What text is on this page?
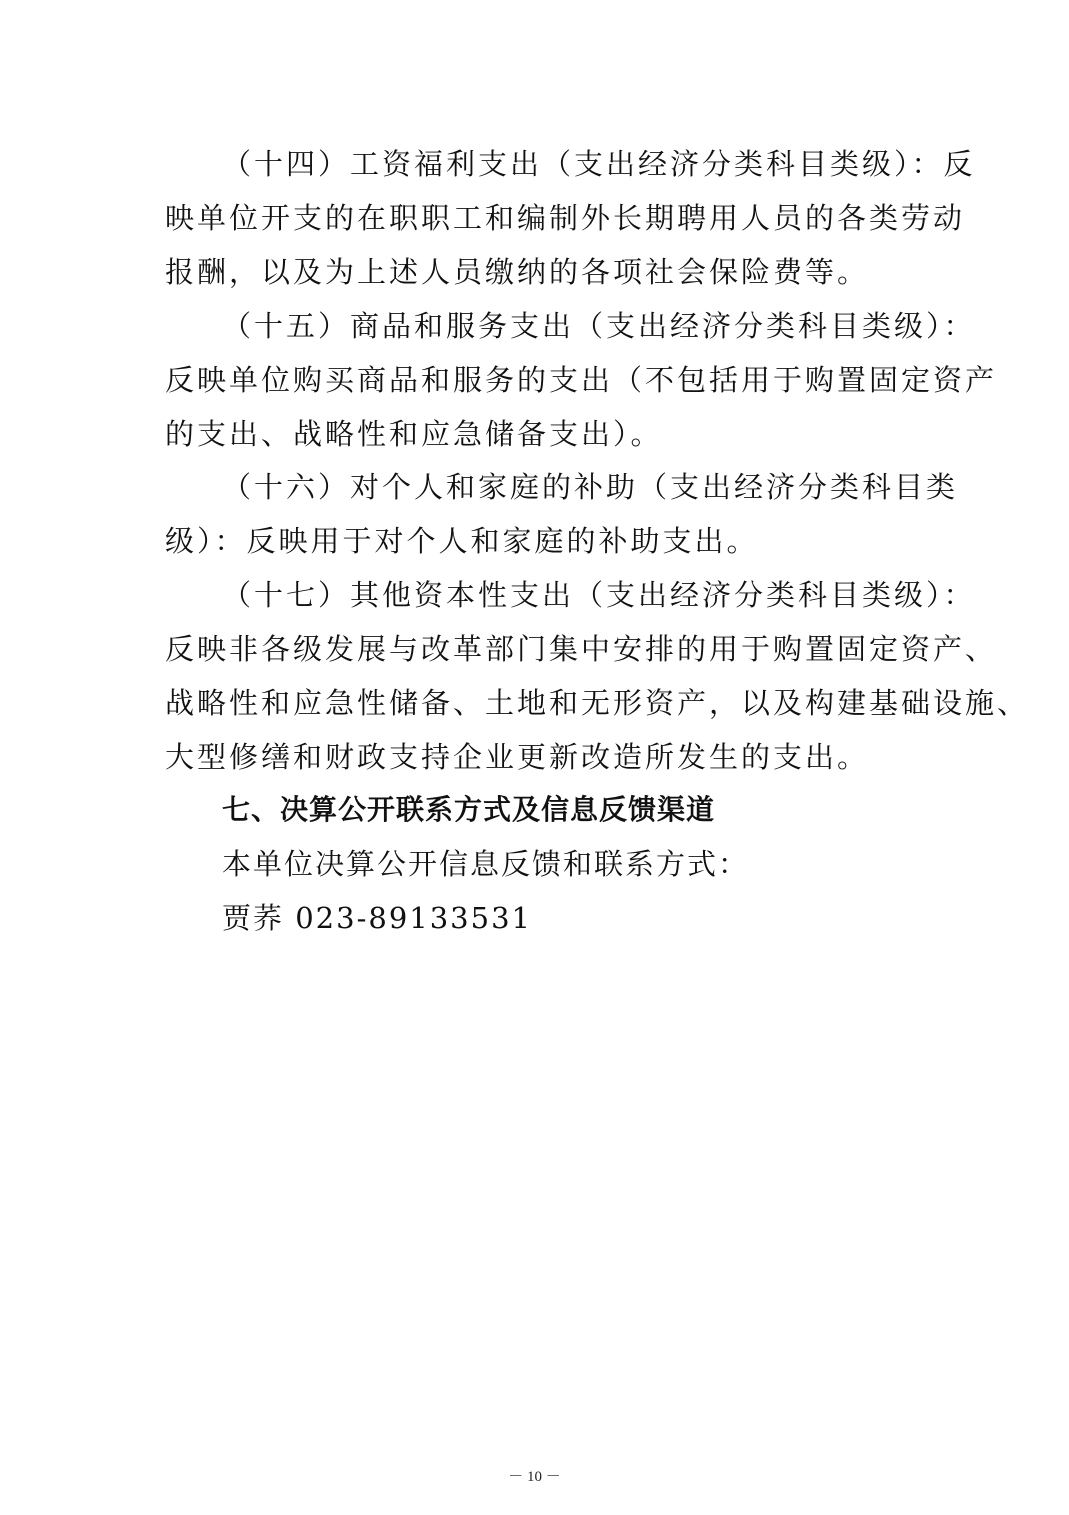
（十四）工资福利支出（支出经济分类科目类级）：反
映单位开支的在职职工和编制外长期聘用人员的各类劳动
报酬，以及为上述人员缴纳的各项社会保险费等。
（十五）商品和服务支出（支出经济分类科目类级）：
反映单位购买商品和服务的支出（不包括用于购置固定资产
的支出、战略性和应急储备支出）。
（十六）对个人和家庭的补助（支出经济分类科目类
级）：反映用于对个人和家庭的补助支出。
（十七）其他资本性支出（支出经济分类科目类级）：
反映非各级发展与改革部门集中安排的用于购置固定资产、
战略性和应急性储备、土地和无形资产，以及构建基础设施、
大型修缮和财政支持企业更新改造所发生的支出。
七、决算公开联系方式及信息反馈渠道
本单位决算公开信息反馈和联系方式：
贾荞 023-89133531
－ 10 －
